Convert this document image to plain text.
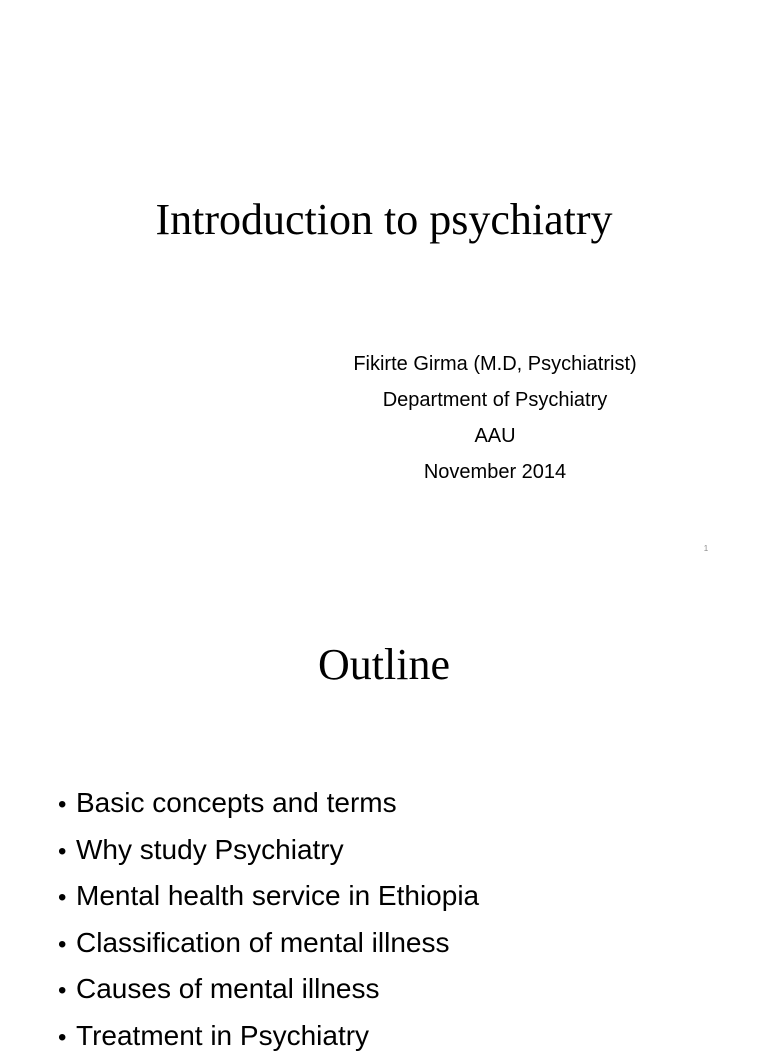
Introduction to psychiatry
Fikirte Girma (M.D, Psychiatrist)
Department of Psychiatry
AAU
November 2014
1
Outline
• Basic concepts and terms
• Why study Psychiatry
• Mental health service in Ethiopia
• Classification of mental illness
• Causes of mental illness
• Treatment in Psychiatry
